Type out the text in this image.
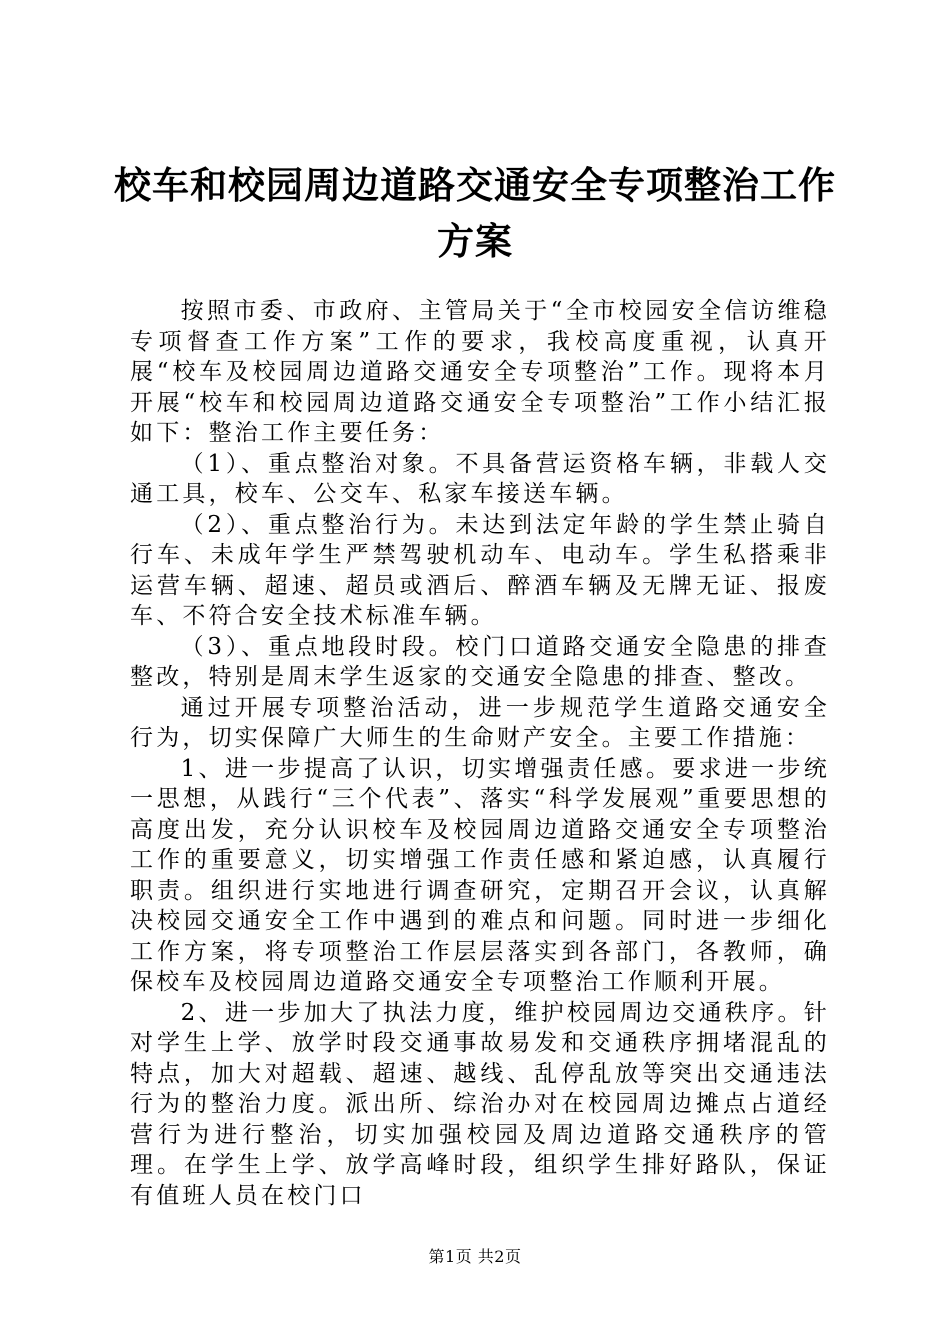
校车和校园周边道路交通安全专项整治工作方案

按照市委、市政府、主管局关于“全市校园安全信访维稳专项督查工作方案”工作的要求，我校高度重视，认真开展“校车及校园周边道路交通安全专项整治”工作。现将本月开展“校车和校园周边道路交通安全专项整治”工作小结汇报如下：整治工作主要任务：

（1）、重点整治对象。不具备营运资格车辆，非载人交通工具，校车、公交车、私家车接送车辆。

（2）、重点整治行为。未达到法定年龄的学生禁止骑自行车、未成年学生严禁驾驶机动车、电动车。学生私搭乘非运营车辆、超速、超员或酒后、醉酒车辆及无牌无证、报废车、不符合安全技术标准车辆。

（3）、重点地段时段。校门口道路交通安全隐患的排查整改，特别是周末学生返家的交通安全隐患的排查、整改。

通过开展专项整治活动，进一步规范学生道路交通安全行为，切实保障广大师生的生命财产安全。主要工作措施：

1、进一步提高了认识，切实增强责任感。要求进一步统一思想，从践行“三个代表”、落实“科学发展观”重要思想的高度出发，充分认识校车及校园周边道路交通安全专项整治工作的重要意义，切实增强工作责任感和紧迫感，认真履行职责。组织进行实地进行调查研究，定期召开会议，认真解决校园交通安全工作中遇到的难点和问题。同时进一步细化工作方案，将专项整治工作层层落实到各部门，各教师，确保校车及校园周边道路交通安全专项整治工作顺利开展。

2、进一步加大了执法力度，维护校园周边交通秩序。针对学生上学、放学时段交通事故易发和交通秩序拥堵混乱的特点，加大对超载、超速、越线、乱停乱放等突出交通违法行为的整治力度。派出所、综治办对在校园周边摊点占道经营行为进行整治，切实加强校园及周边道路交通秩序的管理。在学生上学、放学高峰时段，组织学生排好路队，保证有值班人员在校门口

第1页 共2页
